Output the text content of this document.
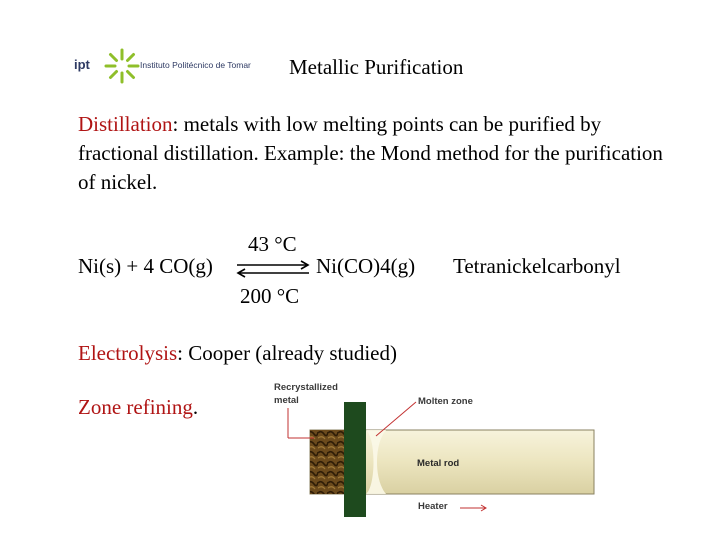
ipt	Instituto Politécnico de Tomar Metallic Purification
Distillation: metals with low melting points can be purified by fractional distillation. Example: the Mond method for the purification of nickel.
Ni(s) + 4 CO(g)
43 °C
200 °C
Ni(CO)4(g) Tetranickelcarbonyl
Electrolysis: Cooper (already studied)
Zone refining.
Recrystallized
metal	Molten zone
Metal rod
Heater
